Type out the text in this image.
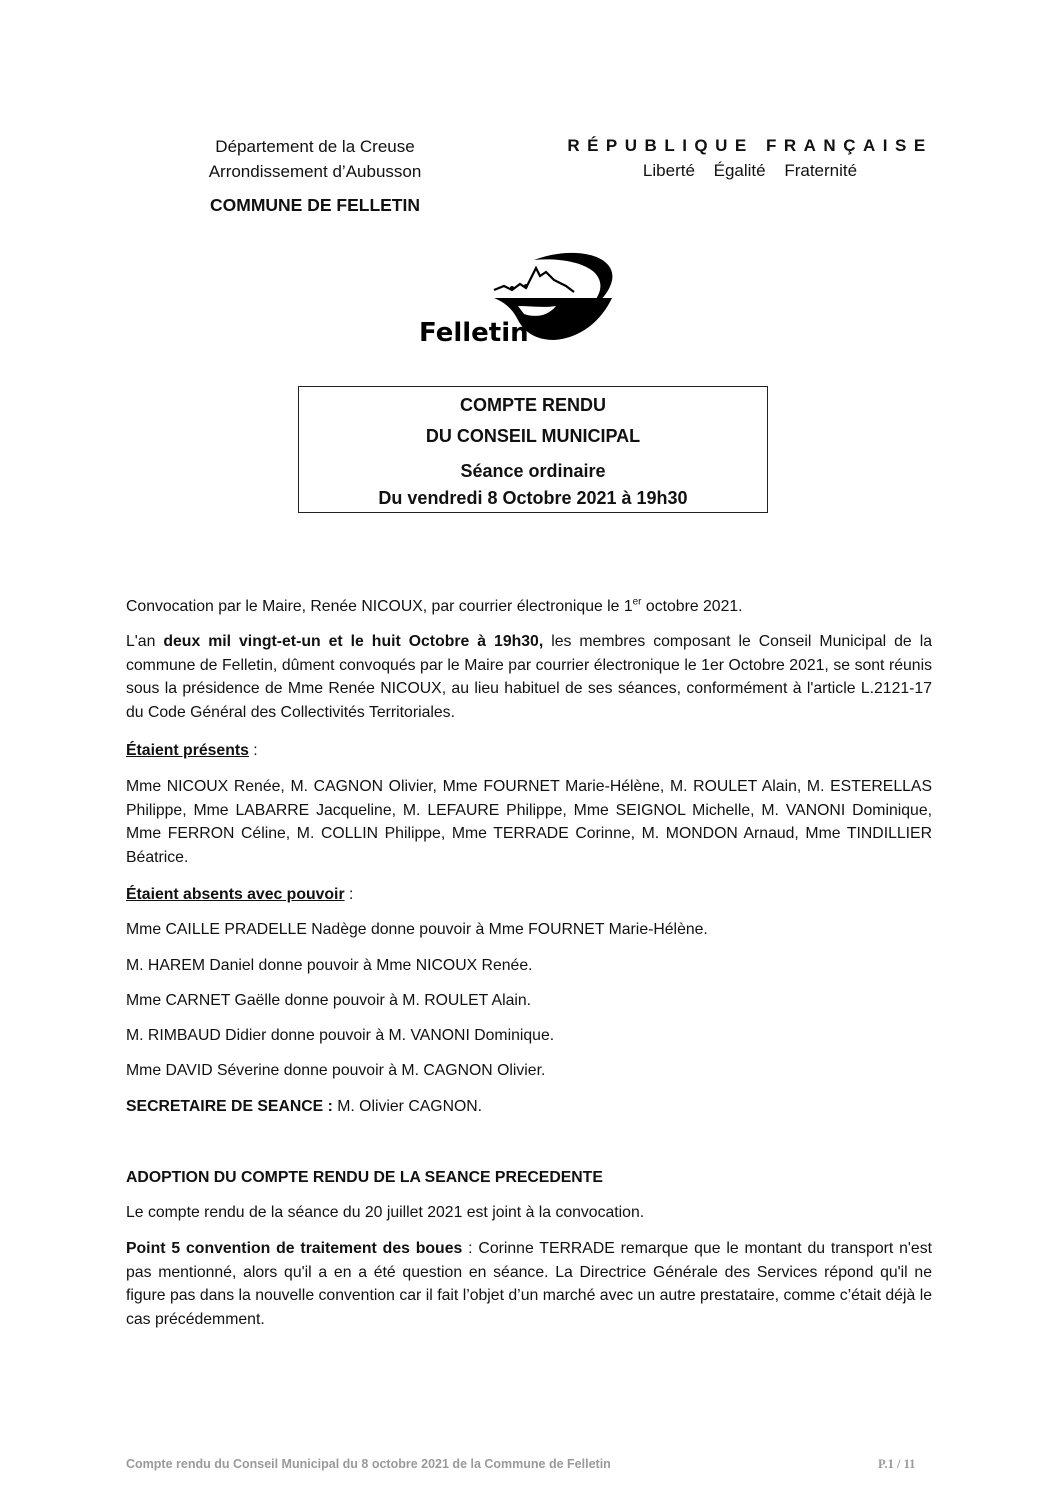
Département de la Creuse
Arrondissement d’Aubusson
COMMUNE DE FELLETIN
RÉPUBLIQUE FRANÇAISE
Liberté Égalité Fraternité
Felletin
COMPTE RENDU
DU CONSEIL MUNICIPAL
Séance ordinaire
Du vendredi 8 Octobre 2021 à 19h30
Convocation par le Maire, Renée NICOUX, par courrier électronique le 1er octobre 2021.
L'an deux mil vingt-et-un et le huit Octobre à 19h30, les membres composant le Conseil Municipal de la commune de Felletin, dûment convoqués par le Maire par courrier électronique le 1er Octobre 2021, se sont réunis sous la présidence de Mme Renée NICOUX, au lieu habituel de ses séances, conformément à l'article L.2121-17 du Code Général des Collectivités Territoriales.
Étaient présents :
Mme NICOUX Renée, M. CAGNON Olivier, Mme FOURNET Marie-Hélène, M. ROULET Alain, M. ESTERELLAS Philippe, Mme LABARRE Jacqueline, M. LEFAURE Philippe, Mme SEIGNOL Michelle, M. VANONI Dominique, Mme FERRON Céline, M. COLLIN Philippe, Mme TERRADE Corinne, M. MONDON Arnaud, Mme TINDILLIER Béatrice.
Étaient absents avec pouvoir :
Mme CAILLE PRADELLE Nadège donne pouvoir à Mme FOURNET Marie-Hélène.
M. HAREM Daniel donne pouvoir à Mme NICOUX Renée.
Mme CARNET Gaëlle donne pouvoir à M. ROULET Alain.
M. RIMBAUD Didier donne pouvoir à M. VANONI Dominique.
Mme DAVID Séverine donne pouvoir à M. CAGNON Olivier.
SECRETAIRE DE SEANCE : M. Olivier CAGNON.
ADOPTION DU COMPTE RENDU DE LA SEANCE PRECEDENTE
Le compte rendu de la séance du 20 juillet 2021 est joint à la convocation.
Point 5 convention de traitement des boues : Corinne TERRADE remarque que le montant du transport n'est pas mentionné, alors qu'il a en a été question en séance. La Directrice Générale des Services répond qu'il ne figure pas dans la nouvelle convention car il fait l’objet d’un marché avec un autre prestataire, comme c’était déjà le cas précédemment.
Compte rendu du Conseil Municipal du 8 octobre 2021 de la Commune de Felletin	P.1 / 11
